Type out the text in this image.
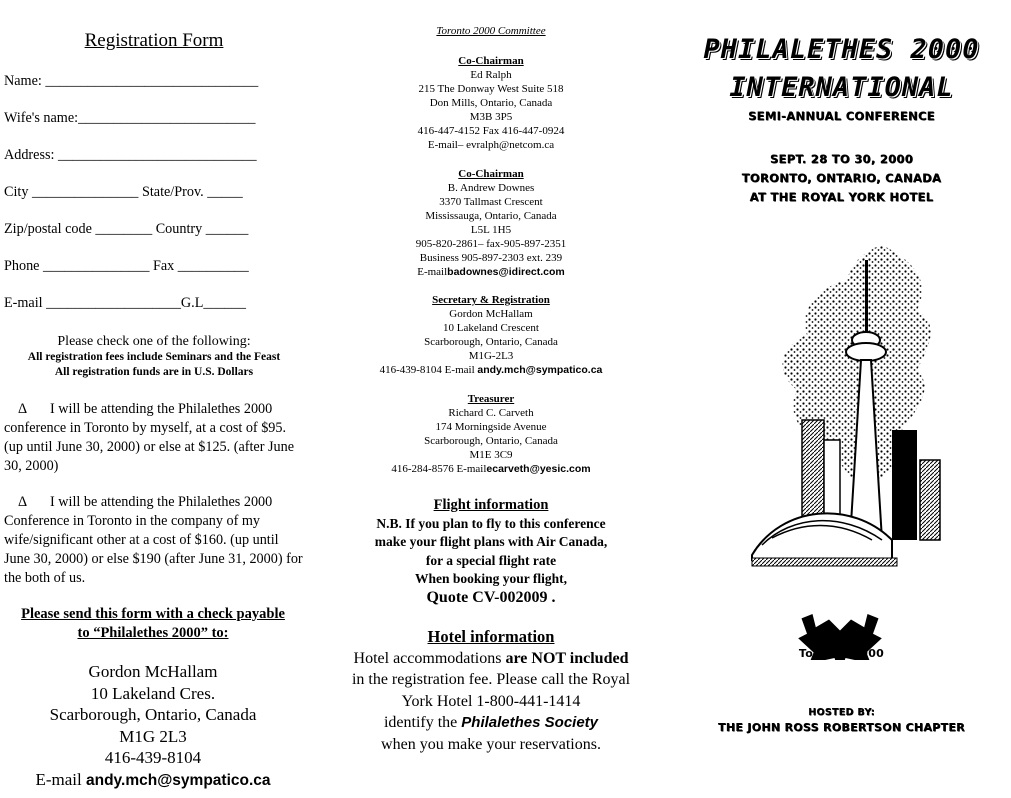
Registration Form
Name: ______________________________
Wife's name:_________________________
Address: ____________________________
City _______________ State/Prov. _____
Zip/postal code ________ Country ______
Phone _______________ Fax __________
E-mail ___________________G.L______
Please check one of the following:
All registration fees include Seminars and the Feast
All registration funds are in U.S. Dollars
Δ I will be attending the Philalethes 2000 conference in Toronto by myself, at a cost of $95.(up until June 30, 2000) or else at $125. (after June 30, 2000)
Δ I will be attending the Philalethes 2000 Conference in Toronto in the company of my wife/significant other at a cost of $160. (up until June 30, 2000) or else $190 (after June 31, 2000) for the both of us.
Please send this form with a check payable
to “Philalethes 2000” to:
Gordon McHallam
10 Lakeland Cres.
Scarborough, Ontario, Canada
M1G 2L3
416-439-8104
E-mail andy.mch@sympatico.ca
Toronto 2000 Committee
Co-Chairman
Ed Ralph
215 The Donway West Suite 518
Don Mills, Ontario, Canada
M3B 3P5
416-447-4152 Fax 416-447-0924
E-mail– evralph@netcom.ca
Co-Chairman
B. Andrew Downes
3370 Tallmast Crescent
Mississauga, Ontario, Canada
L5L 1H5
905-820-2861– fax-905-897-2351
Business 905-897-2303 ext. 239
E-mailbadownes@idirect.com
Secretary & Registration
Gordon McHallam
10 Lakeland Crescent
Scarborough, Ontario, Canada
M1G-2L3
416-439-8104 E-mail andy.mch@sympatico.ca
Treasurer
Richard C. Carveth
174 Morningside Avenue
Scarborough, Ontario, Canada
M1E 3C9
416-284-8576 E-mailecarveth@yesic.com
Flight information
N.B. If you plan to fly to this conference
make your flight plans with Air Canada,
for a special flight rate
When booking your flight,
Quote CV-002009 .
Hotel information
Hotel accommodations are NOT included
in the registration fee. Please call the Royal
York Hotel 1-800-441-1414
identify the Philalethes Society
when you make your reservations.
PHILALETHES 2000
INTERNATIONAL
SEMI-ANNUAL CONFERENCE
SEPT. 28 TO 30, 2000
TORONTO, ONTARIO, CANADA
AT THE ROYAL YORK HOTEL
Toronto 2000
HOSTED BY:
THE JOHN ROSS ROBERTSON CHAPTER
